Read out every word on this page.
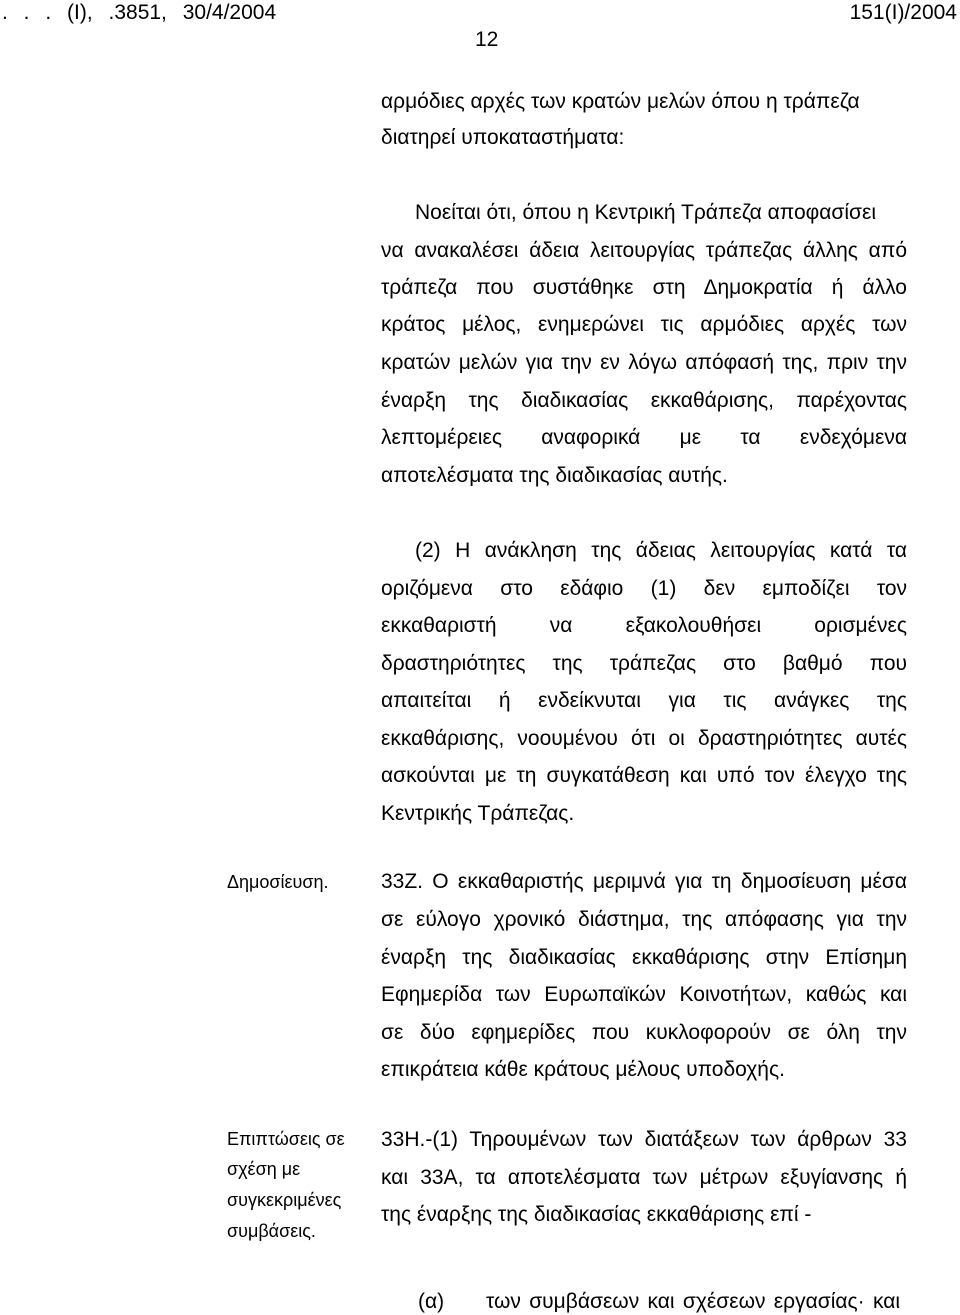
. . . (I), .3851, 30/4/2004	151(I)/2004
12
αρμόδιες αρχές των κρατών μελών όπου η τράπεζα
διατηρεί υποκαταστήματα:
Νοείται ότι, όπου η Κεντρική Τράπεζα αποφασίσει
να ανακαλέσει άδεια λειτουργίας τράπεζας άλλης από
τράπεζα που συστάθηκε στη Δημοκρατία ή άλλο
κράτος μέλος, ενημερώνει τις αρμόδιες αρχές των
κρατών μελών για την εν λόγω απόφασή της, πριν την
έναρξη της διαδικασίας εκκαθάρισης, παρέχοντας
λεπτομέρειες αναφορικά με τα ενδεχόμενα
αποτελέσματα της διαδικασίας αυτής.
(2) Η ανάκληση της άδειας λειτουργίας κατά τα
οριζόμενα στο εδάφιο (1) δεν εμποδίζει τον
εκκαθαριστή να εξακολουθήσει ορισμένες
δραστηριότητες της τράπεζας στο βαθμό που
απαιτείται ή ενδείκνυται για τις ανάγκες της
εκκαθάρισης, νοουμένου ότι οι δραστηριότητες αυτές
ασκούνται με τη συγκατάθεση και υπό τον έλεγχο της
Κεντρικής Τράπεζας.
Δημοσίευση. 33Ζ. Ο εκκαθαριστής μεριμνά για τη δημοσίευση μέσα
σε εύλογο χρονικό διάστημα, της απόφασης για την
έναρξη της διαδικασίας εκκαθάρισης στην Επίσημη
Εφημερίδα των Ευρωπαϊκών Κοινοτήτων, καθώς και
σε δύο εφημερίδες που κυκλοφορούν σε όλη την
επικράτεια κάθε κράτους μέλους υποδοχής.
Επιπτώσεις σε
σχέση με
συγκεκριμένες
συμβάσεις.
33Η.-(1) Τηρουμένων των διατάξεων των άρθρων 33
και 33Α, τα αποτελέσματα των μέτρων εξυγίανσης ή
της έναρξης της διαδικασίας εκκαθάρισης επί -
(α) των συμβάσεων και σχέσεων εργασίας· και
